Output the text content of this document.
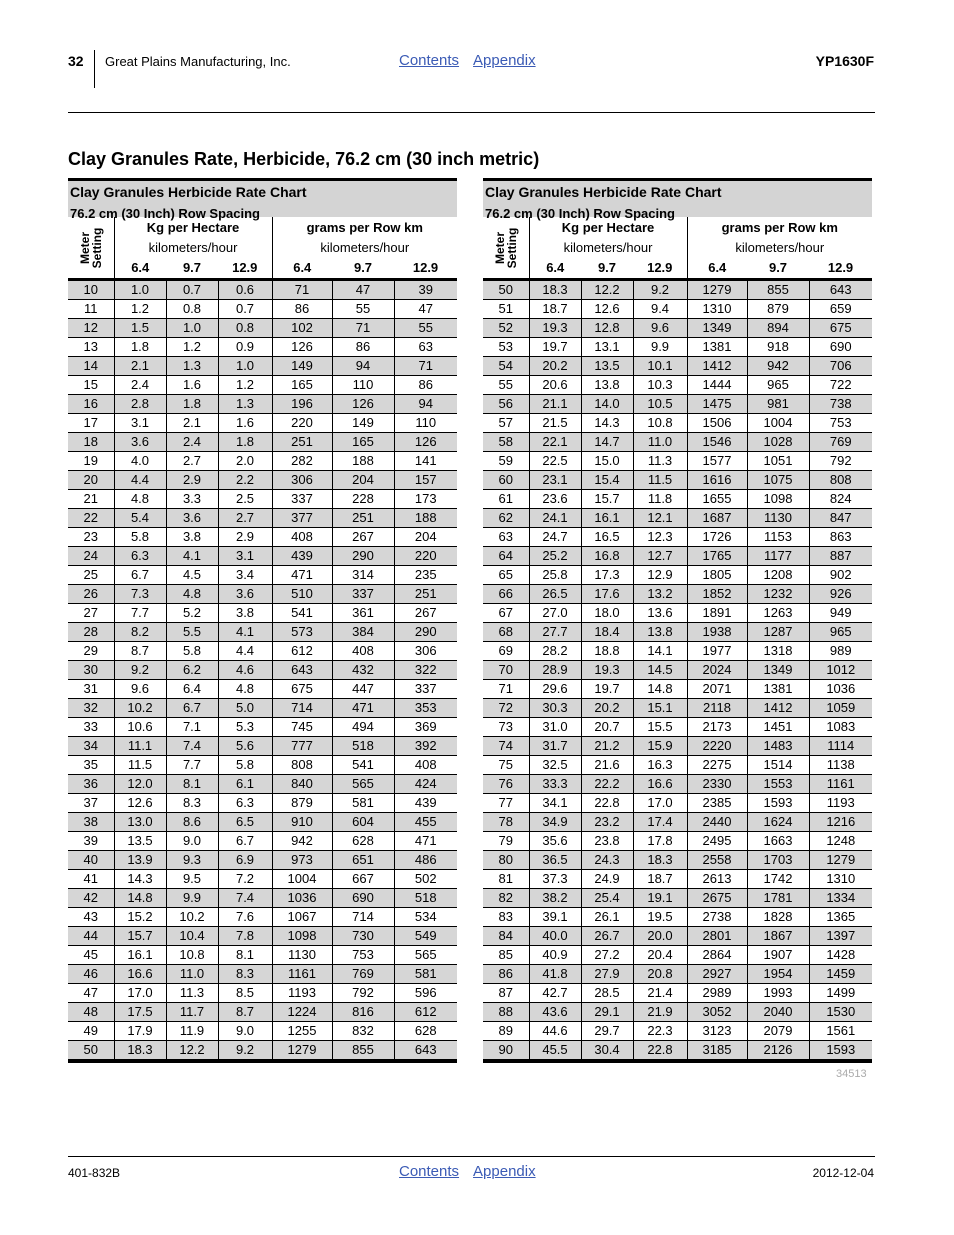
32 Great Plains Manufacturing, Inc.	Contents Appendix	YP1630F
Clay Granules Rate, Herbicide, 76.2 cm (30 inch metric)
Clay Granules Herbicide Rate Chart
76.2 cm (30 Inch) Row Spacing
Meter
Setting	Kg per Hectare			grams per Row km		
	kilometers/hour			kilometers/hour		
	6.4	9.7	12.9	6.4	9.7	12.9
10	1.0	0.7	0.6	71	47	39
11	1.2	0.8	0.7	86	55	47
12	1.5	1.0	0.8	102	71	55
13	1.8	1.2	0.9	126	86	63
14	2.1	1.3	1.0	149	94	71
15	2.4	1.6	1.2	165	110	86
16	2.8	1.8	1.3	196	126	94
17	3.1	2.1	1.6	220	149	110
18	3.6	2.4	1.8	251	165	126
19	4.0	2.7	2.0	282	188	141
20	4.4	2.9	2.2	306	204	157
21	4.8	3.3	2.5	337	228	173
22	5.4	3.6	2.7	377	251	188
23	5.8	3.8	2.9	408	267	204
24	6.3	4.1	3.1	439	290	220
25	6.7	4.5	3.4	471	314	235
26	7.3	4.8	3.6	510	337	251
27	7.7	5.2	3.8	541	361	267
28	8.2	5.5	4.1	573	384	290
29	8.7	5.8	4.4	612	408	306
30	9.2	6.2	4.6	643	432	322
31	9.6	6.4	4.8	675	447	337
32	10.2	6.7	5.0	714	471	353
33	10.6	7.1	5.3	745	494	369
34	11.1	7.4	5.6	777	518	392
35	11.5	7.7	5.8	808	541	408
36	12.0	8.1	6.1	840	565	424
37	12.6	8.3	6.3	879	581	439
38	13.0	8.6	6.5	910	604	455
39	13.5	9.0	6.7	942	628	471
40	13.9	9.3	6.9	973	651	486
41	14.3	9.5	7.2	1004	667	502
42	14.8	9.9	7.4	1036	690	518
43	15.2	10.2	7.6	1067	714	534
44	15.7	10.4	7.8	1098	730	549
45	16.1	10.8	8.1	1130	753	565
46	16.6	11.0	8.3	1161	769	581
47	17.0	11.3	8.5	1193	792	596
48	17.5	11.7	8.7	1224	816	612
49	17.9	11.9	9.0	1255	832	628
50	18.3	12.2	9.2	1279	855	643
Clay Granules Herbicide Rate Chart
76.2 cm (30 Inch) Row Spacing
Meter
Setting	Kg per Hectare			grams per Row km		
	kilometers/hour			kilometers/hour		
	6.4	9.7	12.9	6.4	9.7	12.9
50	18.3	12.2	9.2	1279	855	643
51	18.7	12.6	9.4	1310	879	659
52	19.3	12.8	9.6	1349	894	675
53	19.7	13.1	9.9	1381	918	690
54	20.2	13.5	10.1	1412	942	706
55	20.6	13.8	10.3	1444	965	722
56	21.1	14.0	10.5	1475	981	738
57	21.5	14.3	10.8	1506	1004	753
58	22.1	14.7	11.0	1546	1028	769
59	22.5	15.0	11.3	1577	1051	792
60	23.1	15.4	11.5	1616	1075	808
61	23.6	15.7	11.8	1655	1098	824
62	24.1	16.1	12.1	1687	1130	847
63	24.7	16.5	12.3	1726	1153	863
64	25.2	16.8	12.7	1765	1177	887
65	25.8	17.3	12.9	1805	1208	902
66	26.5	17.6	13.2	1852	1232	926
67	27.0	18.0	13.6	1891	1263	949
68	27.7	18.4	13.8	1938	1287	965
69	28.2	18.8	14.1	1977	1318	989
70	28.9	19.3	14.5	2024	1349	1012
71	29.6	19.7	14.8	2071	1381	1036
72	30.3	20.2	15.1	2118	1412	1059
73	31.0	20.7	15.5	2173	1451	1083
74	31.7	21.2	15.9	2220	1483	1114
75	32.5	21.6	16.3	2275	1514	1138
76	33.3	22.2	16.6	2330	1553	1161
77	34.1	22.8	17.0	2385	1593	1193
78	34.9	23.2	17.4	2440	1624	1216
79	35.6	23.8	17.8	2495	1663	1248
80	36.5	24.3	18.3	2558	1703	1279
81	37.3	24.9	18.7	2613	1742	1310
82	38.2	25.4	19.1	2675	1781	1334
83	39.1	26.1	19.5	2738	1828	1365
84	40.0	26.7	20.0	2801	1867	1397
85	40.9	27.2	20.4	2864	1907	1428
86	41.8	27.9	20.8	2927	1954	1459
87	42.7	28.5	21.4	2989	1993	1499
88	43.6	29.1	21.9	3052	2040	1530
89	44.6	29.7	22.3	3123	2079	1561
90	45.5	30.4	22.8	3185	2126	1593
34513
401-832B	Contents Appendix	2012-12-04
